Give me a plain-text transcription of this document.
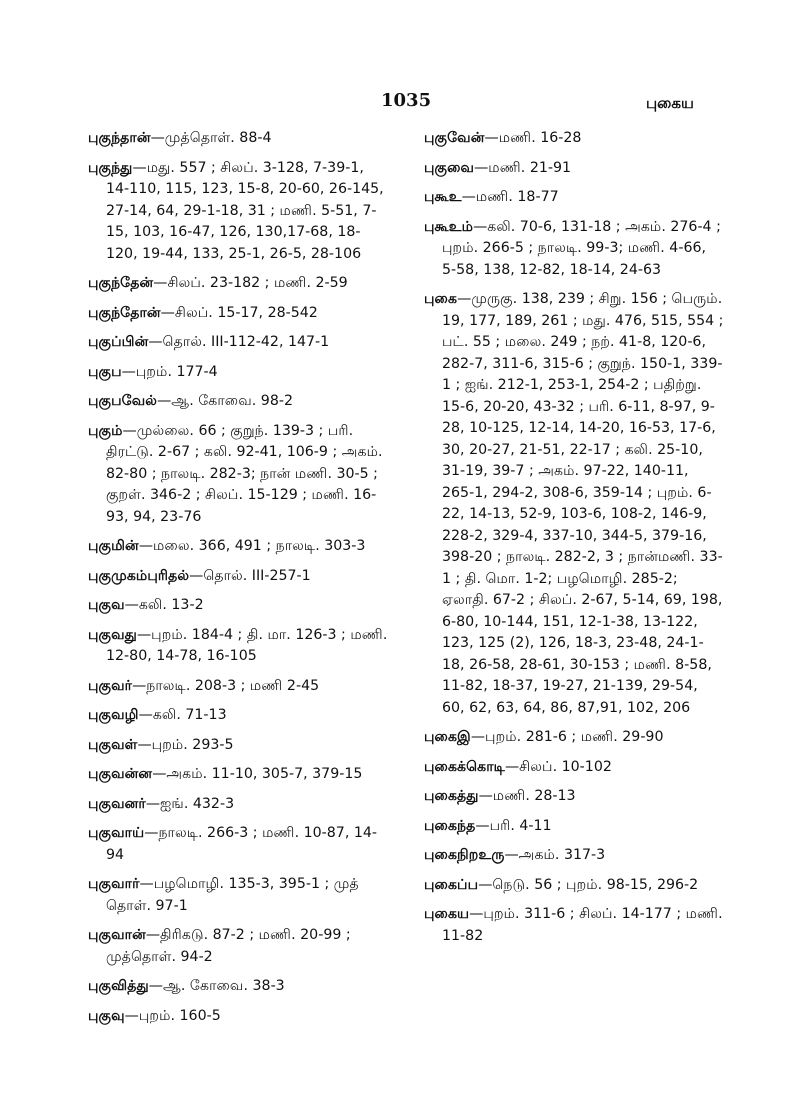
1035	புகைய

புகுந்தான்—முத்தொள். 88-4

புகுந்து—மது. 557 ; சிலப். 3-128, 7-39-1, 14-110, 115, 123, 15-8, 20-60, 26-145, 27-14, 64, 29-1-18, 31 ; மணி. 5-51, 7-15, 103, 16-47, 126, 130,17-68, 18-120, 19-44, 133, 25-1, 26-5, 28-106

புகுந்தேன்—சிலப். 23-182 ; மணி. 2-59

புகுந்தோன்—சிலப். 15-17, 28-542

புகுப்பின்—தொல். III-112-42, 147-1

புகுப—புறம். 177-4

புகுபவேல்—ஆ. கோவை. 98-2

புகும்—முல்லை. 66 ; குறுந். 139-3 ; பரி. திரட்டு. 2-67 ; கலி. 92-41, 106-9 ; அகம். 82-80 ; நாலடி. 282-3; நான் மணி. 30-5 ; குறள். 346-2 ; சிலப். 15-129 ; மணி. 16-93, 94, 23-76

புகுமின்—மலை. 366, 491 ; நாலடி. 303-3

புகுமுகம்புரிதல்—தொல். III-257-1

புகுவ—கலி. 13-2

புகுவது—புறம். 184-4 ; தி. மா. 126-3 ; மணி. 12-80, 14-78, 16-105

புகுவர்—நாலடி. 208-3 ; மணி 2-45

புகுவழி—கலி. 71-13

புகுவள்—புறம். 293-5

புகுவன்ன—அகம். 11-10, 305-7, 379-15

புகுவனர்—ஐங். 432-3

புகுவாய்—நாலடி. 266-3 ; மணி. 10-87, 14-94

புகுவார்—பழமொழி. 135-3, 395-1 ; முத் தொள். 97-1

புகுவான்—திரிகடு. 87-2 ; மணி. 20-99 ; முத்தொள். 94-2

புகுவித்து—ஆ. கோவை. 38-3

புகுவு—புறம். 160-5

புகுவேன்—மணி. 16-28

புகுவை—மணி. 21-91

புகூஉ—மணி. 18-77

புகூஉம்—கலி. 70-6, 131-18 ; அகம். 276-4 ; புறம். 266-5 ; நாலடி. 99-3; மணி. 4-66, 5-58, 138, 12-82, 18-14, 24-63

புகை—முருகு. 138, 239 ; சிறு. 156 ; பெரும். 19, 177, 189, 261 ; மது. 476, 515, 554 ; பட். 55 ; மலை. 249 ; நற். 41-8, 120-6, 282-7, 311-6, 315-6 ; குறுந். 150-1, 339-1 ; ஐங். 212-1, 253-1, 254-2 ; பதிற்று. 15-6, 20-20, 43-32 ; பரி. 6-11, 8-97, 9-28, 10-125, 12-14, 14-20, 16-53, 17-6, 30, 20-27, 21-51, 22-17 ; கலி. 25-10, 31-19, 39-7 ; அகம். 97-22, 140-11, 265-1, 294-2, 308-6, 359-14 ; புறம். 6-22, 14-13, 52-9, 103-6, 108-2, 146-9, 228-2, 329-4, 337-10, 344-5, 379-16, 398-20 ; நாலடி. 282-2, 3 ; நான்மணி. 33-1 ; தி. மொ. 1-2; பழமொழி. 285-2; ஏலாதி. 67-2 ; சிலப். 2-67, 5-14, 69, 198, 6-80, 10-144, 151, 12-1-38, 13-122, 123, 125 (2), 126, 18-3, 23-48, 24-1-18, 26-58, 28-61, 30-153 ; மணி. 8-58, 11-82, 18-37, 19-27, 21-139, 29-54, 60, 62, 63, 64, 86, 87,91, 102, 206

புகைஇ—புறம். 281-6 ; மணி. 29-90

புகைக்கொடி—சிலப். 10-102

புகைத்து—மணி. 28-13

புகைந்த—பரி. 4-11

புகைநிறஉரு—அகம். 317-3

புகைப்ப—நெடு. 56 ; புறம். 98-15, 296-2

புகைய—புறம். 311-6 ; சிலப். 14-177 ; மணி. 11-82
